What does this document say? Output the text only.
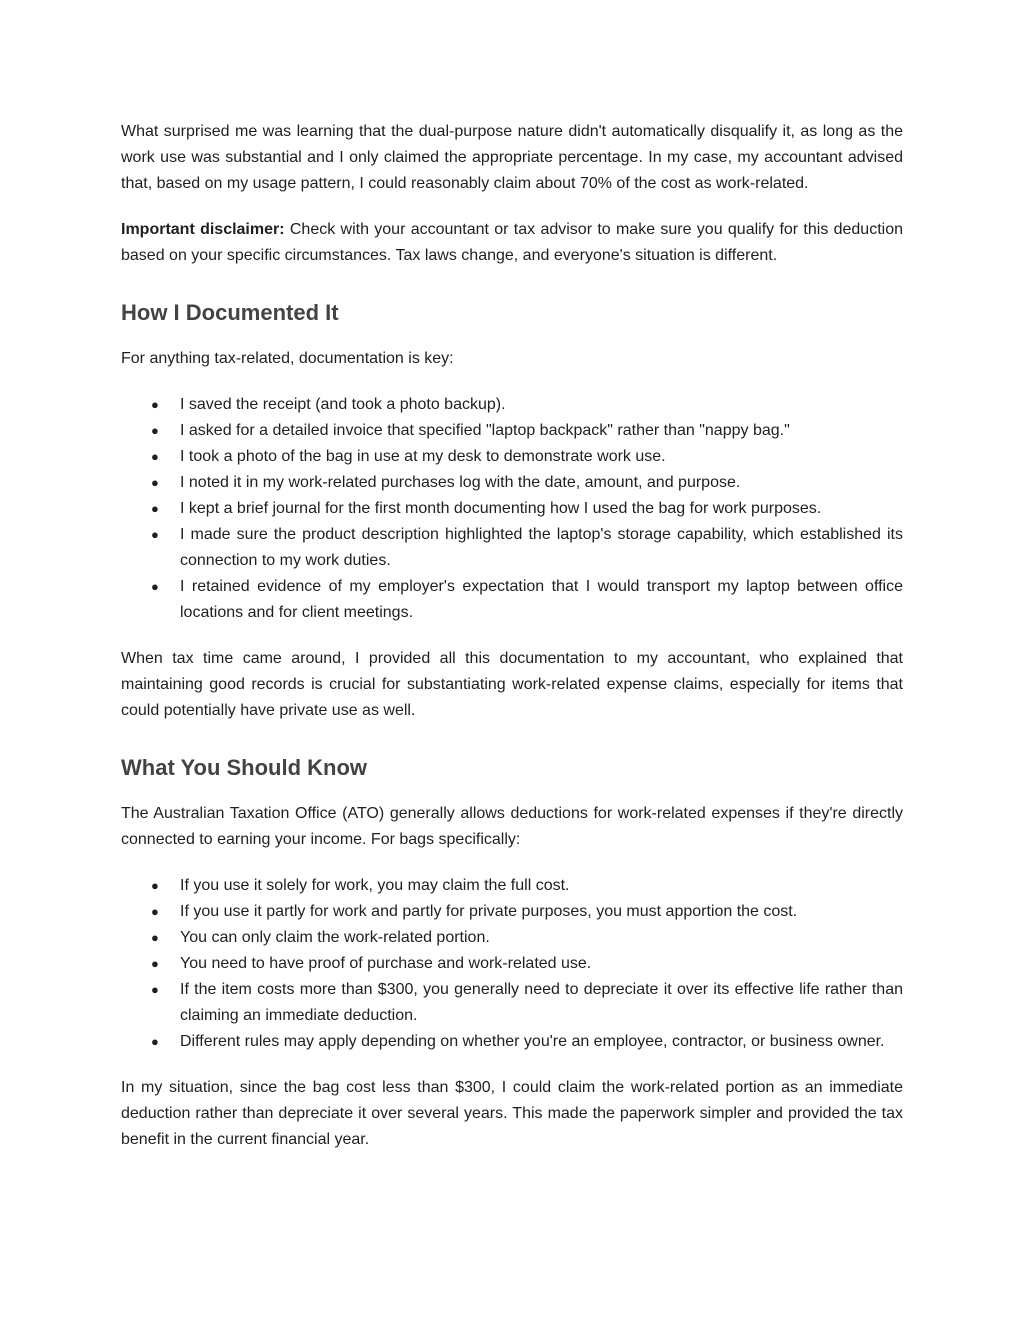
What surprised me was learning that the dual-purpose nature didn't automatically disqualify it, as long as the work use was substantial and I only claimed the appropriate percentage. In my case, my accountant advised that, based on my usage pattern, I could reasonably claim about 70% of the cost as work-related.

Important disclaimer: Check with your accountant or tax advisor to make sure you qualify for this deduction based on your specific circumstances. Tax laws change, and everyone's situation is different.

How I Documented It

For anything tax-related, documentation is key:

● I saved the receipt (and took a photo backup).
● I asked for a detailed invoice that specified "laptop backpack" rather than "nappy bag."
● I took a photo of the bag in use at my desk to demonstrate work use.
● I noted it in my work-related purchases log with the date, amount, and purpose.
● I kept a brief journal for the first month documenting how I used the bag for work purposes.
● I made sure the product description highlighted the laptop's storage capability, which established its connection to my work duties.
● I retained evidence of my employer's expectation that I would transport my laptop between office locations and for client meetings.

When tax time came around, I provided all this documentation to my accountant, who explained that maintaining good records is crucial for substantiating work-related expense claims, especially for items that could potentially have private use as well.

What You Should Know

The Australian Taxation Office (ATO) generally allows deductions for work-related expenses if they're directly connected to earning your income. For bags specifically:

● If you use it solely for work, you may claim the full cost.
● If you use it partly for work and partly for private purposes, you must apportion the cost.
● You can only claim the work-related portion.
● You need to have proof of purchase and work-related use.
● If the item costs more than $300, you generally need to depreciate it over its effective life rather than claiming an immediate deduction.
● Different rules may apply depending on whether you're an employee, contractor, or business owner.

In my situation, since the bag cost less than $300, I could claim the work-related portion as an immediate deduction rather than depreciate it over several years. This made the paperwork simpler and provided the tax benefit in the current financial year.
